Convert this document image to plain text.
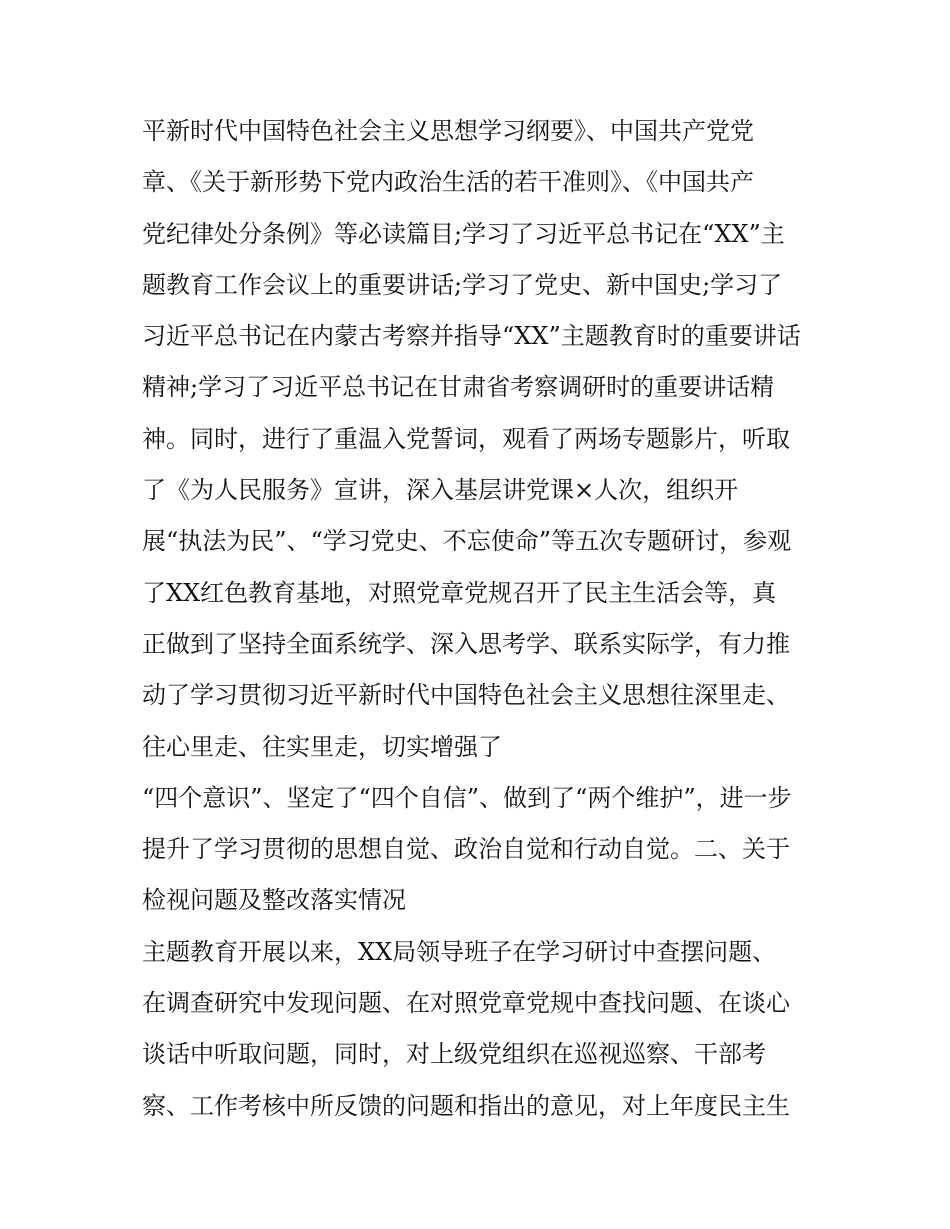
平新时代中国特色社会主义思想学习纲要》、中国共产党党
章、《关于新形势下党内政治生活的若干准则》、《中国共产
党纪律处分条例》等必读篇目;学习了习近平总书记在“XX”主
题教育工作会议上的重要讲话;学习了党史、新中国史;学习了
习近平总书记在内蒙古考察并指导“XX”主题教育时的重要讲话
精神;学习了习近平总书记在甘肃省考察调研时的重要讲话精
神。同时，进行了重温入党誓词，观看了两场专题影片，听取
了《为人民服务》宣讲，深入基层讲党课×人次，组织开
展“执法为民”、“学习党史、不忘使命”等五次专题研讨，参观
了XX红色教育基地，对照党章党规召开了民主生活会等，真
正做到了坚持全面系统学、深入思考学、联系实际学，有力推
动了学习贯彻习近平新时代中国特色社会主义思想往深里走、
往心里走、往实里走，切实增强了
“四个意识”、坚定了“四个自信”、做到了“两个维护”，进一步
提升了学习贯彻的思想自觉、政治自觉和行动自觉。二、关于
检视问题及整改落实情况
主题教育开展以来，XX局领导班子在学习研讨中查摆问题、
在调查研究中发现问题、在对照党章党规中查找问题、在谈心
谈话中听取问题，同时，对上级党组织在巡视巡察、干部考
察、工作考核中所反馈的问题和指出的意见，对上年度民主生
